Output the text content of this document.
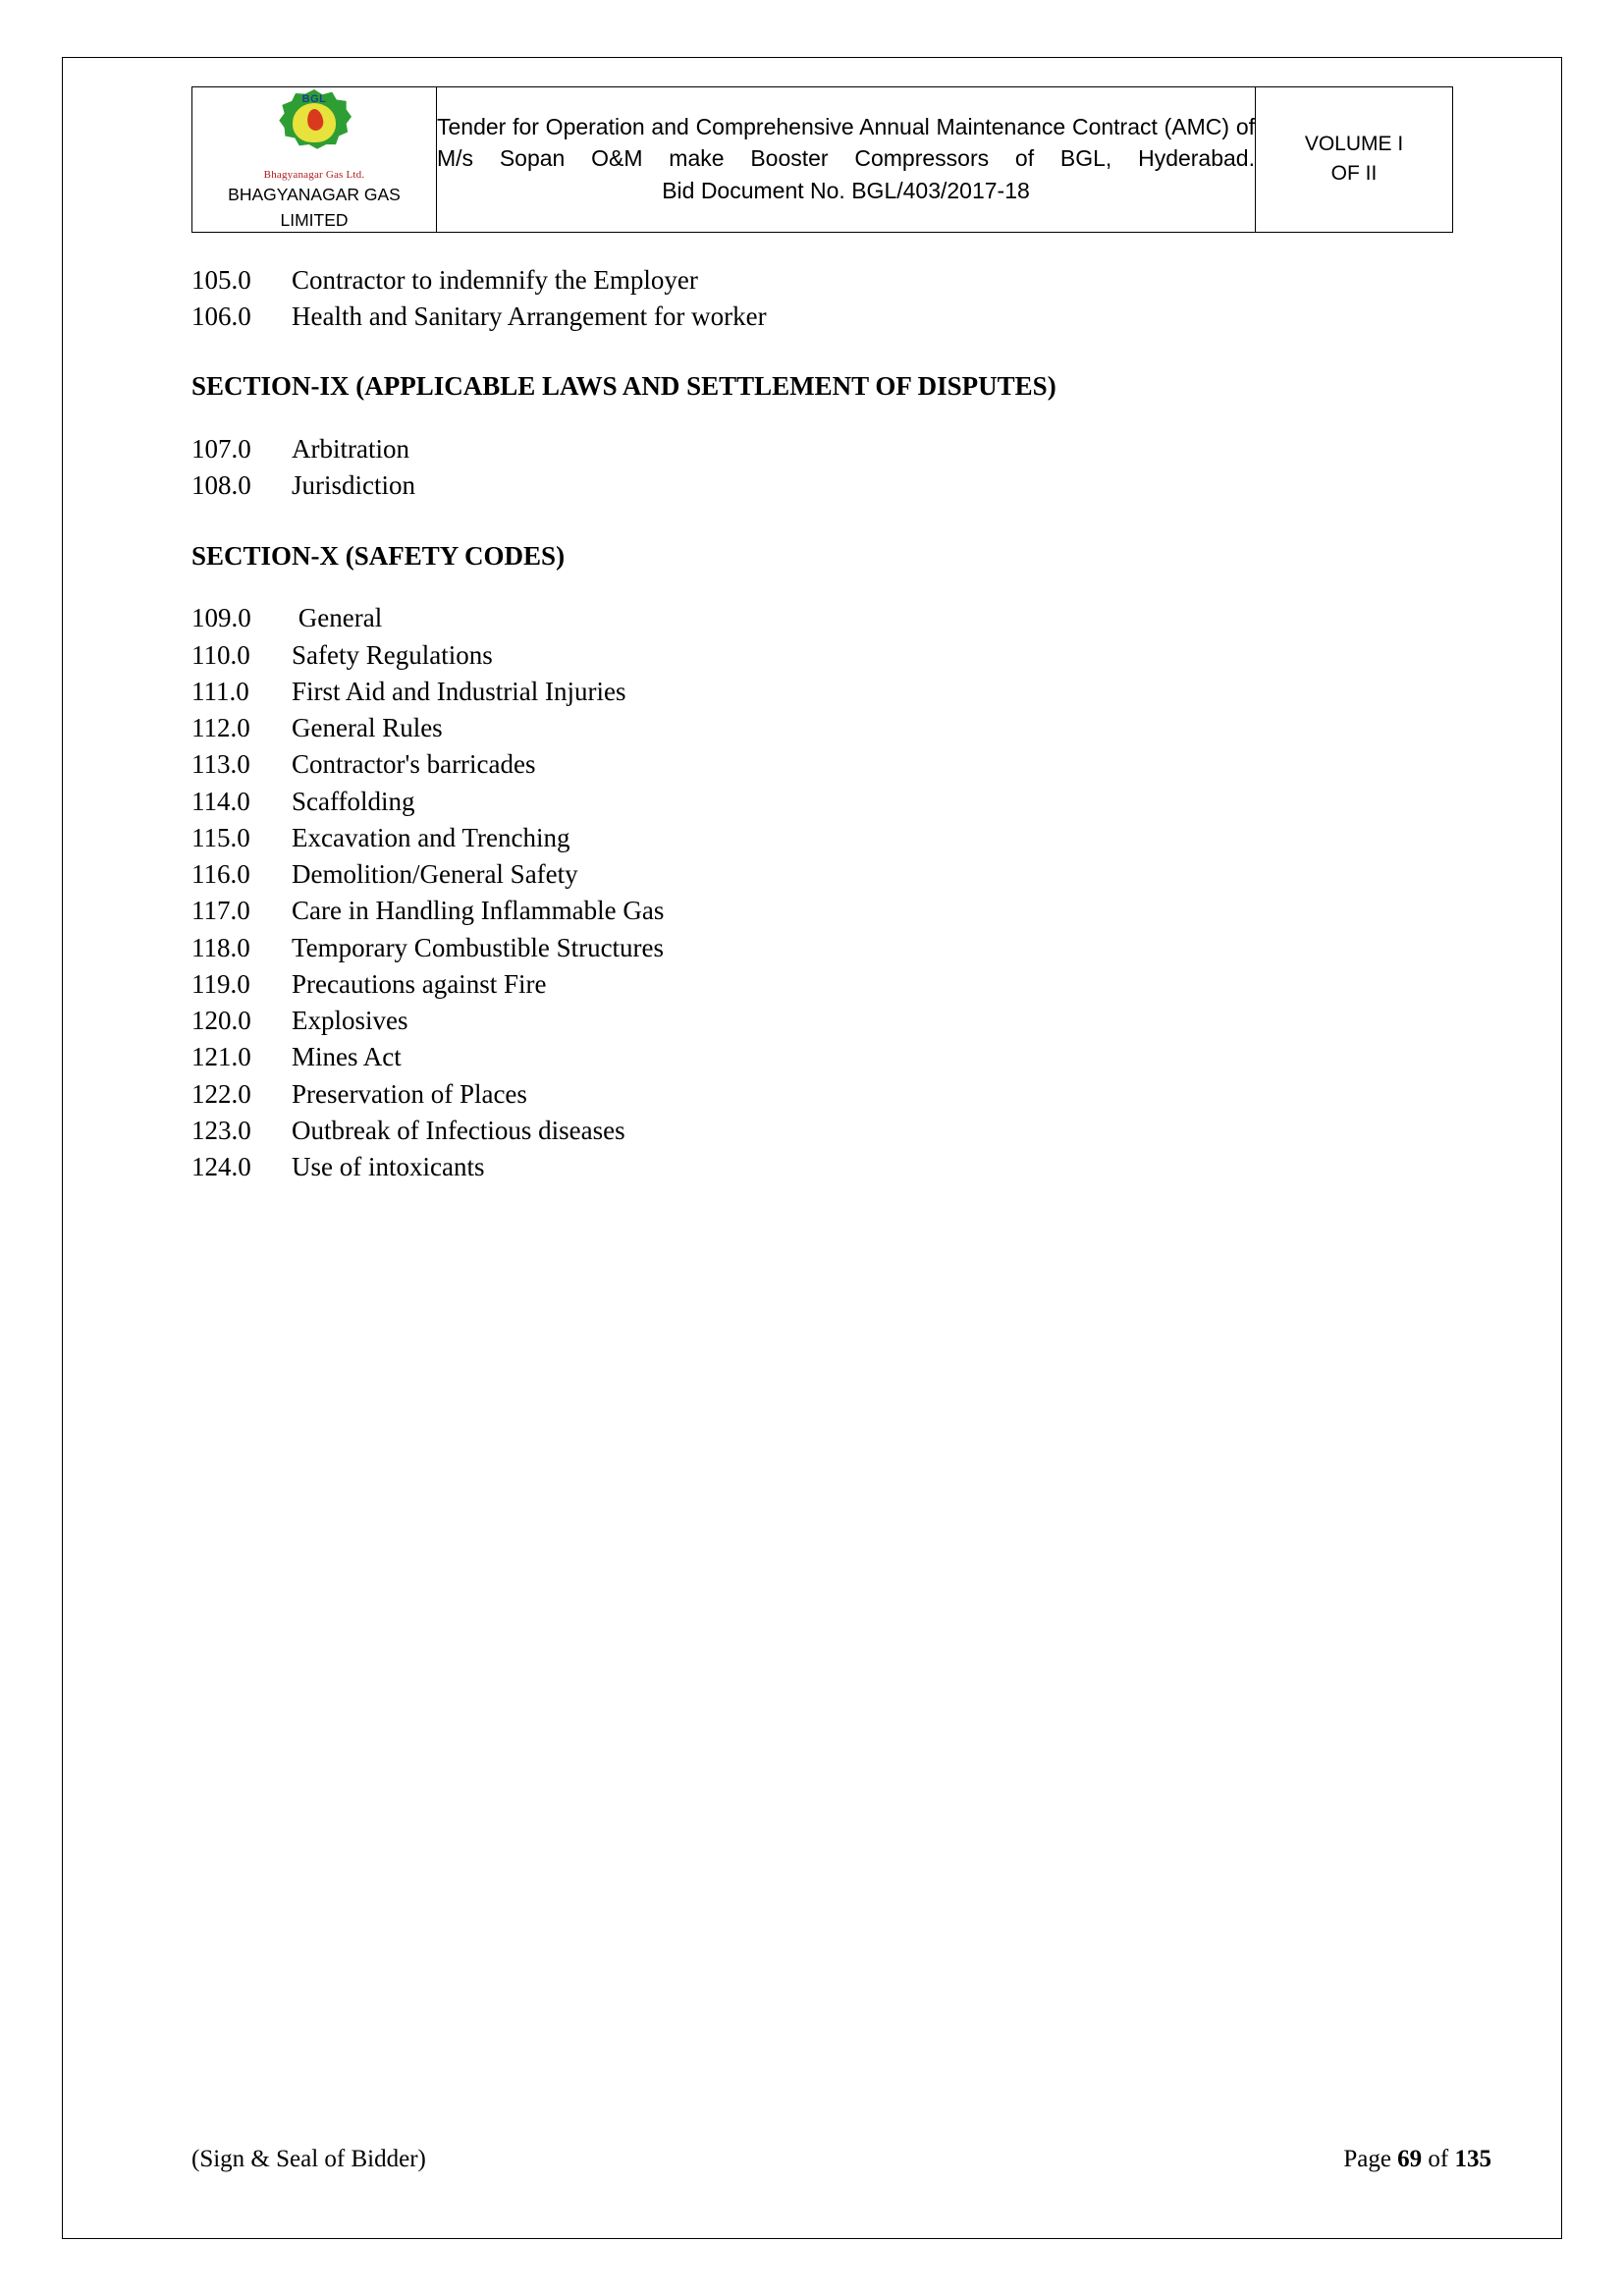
BGL
Bhagyanagar Gas Ltd.
BHAGYANAGAR GAS
LIMITED
	Tender for Operation and Comprehensive Annual Maintenance Contract (AMC) of M/s Sopan O&M make Booster Compressors of BGL, Hyderabad.
Bid Document No. BGL/403/2017-18

VOLUME I
OF II
105.0	Contractor to indemnify the Employer
106.0	Health and Sanitary Arrangement for worker
SECTION-IX (APPLICABLE LAWS AND SETTLEMENT OF DISPUTES)
107.0	Arbitration
108.0	Jurisdiction
SECTION-X (SAFETY CODES)
109.0	General
110.0	Safety Regulations
111.0	First Aid and Industrial Injuries
112.0	General Rules
113.0	Contractor's barricades
114.0	Scaffolding
115.0	Excavation and Trenching
116.0	Demolition/General Safety
117.0	Care in Handling Inflammable Gas
118.0	Temporary Combustible Structures
119.0	Precautions against Fire
120.0	Explosives
121.0	Mines Act
122.0	Preservation of Places
123.0	Outbreak of Infectious diseases
124.0	Use of intoxicants
(Sign & Seal of Bidder)	Page 69 of 135
